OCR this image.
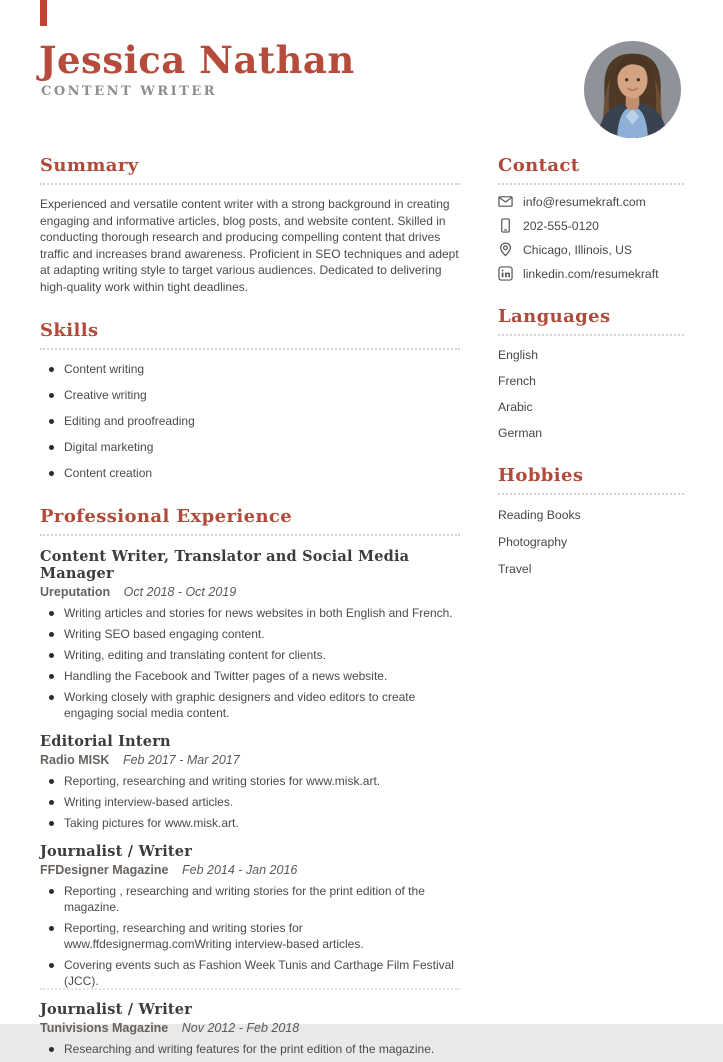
Jessica Nathan
CONTENT WRITER
Summary

Experienced and versatile content writer with a strong background in creating engaging and informative articles, blog posts, and website content. Skilled in conducting thorough research and producing compelling content that drives traffic and increases brand awareness. Proficient in SEO techniques and adept at adapting writing style to target various audiences. Dedicated to delivering high-quality work within tight deadlines.

Skills
Content writing
Creative writing
Editing and proofreading
Digital marketing
Content creation
Professional Experience
Content Writer, Translator and Social Media Manager
Ureputation Oct 2018 - Oct 2019
Writing articles and stories for news websites in both English and French.
Writing SEO based engaging content.
Writing, editing and translating content for clients.
Handling the Facebook and Twitter pages of a news website.
Working closely with graphic designers and video editors to create engaging social media content.
Editorial Intern
Radio MISK Feb 2017 - Mar 2017
Reporting, researching and writing stories for www.misk.art.
Writing interview-based articles.
Taking pictures for www.misk.art.
Journalist / Writer
FFDesigner Magazine Feb 2014 - Jan 2016
Reporting , researching and writing stories for the print edition of the magazine.
Reporting, researching and writing stories for www.ffdesignermag.comWriting interview-based articles.
Covering events such as Fashion Week Tunis and Carthage Film Festival (JCC).
Journalist / Writer
Tunivisions Magazine Nov 2012 - Feb 2018
Researching and writing features for the print edition of the magazine.
Contact
info@resumekraft.com
202-555-0120
Chicago, Illinois, US
linkedin.com/resumekraft
Languages
English
French
Arabic
German
Hobbies
Reading Books
Photography
Travel
